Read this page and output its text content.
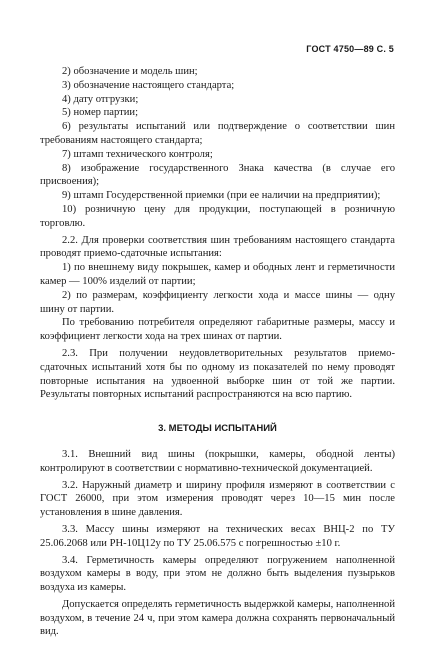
ГОСТ 4750—89 С. 5

2) обозначение и модель шин;

3) обозначение настоящего стандарта;

4) дату отгрузки;

5) номер партии;

6) результаты испытаний или подтверждение о соответствии шин требованиям настоящего стандарта;

7) штамп технического контроля;

8) изображение государственного Знака качества (в случае его присвоения);

9) штамп Госудерственной приемки (при ее наличии на предприятии);

10) розничную цену для продукции, поступающей в розничную торговлю.

2.2. Для проверки соответствия шин требованиям настоящего стандарта проводят приемо-сдаточные испытания:

1) по внешнему виду покрышек, камер и ободных лент и герметичности камер — 100% изделий от партии;

2) по размерам, коэффициенту легкости хода и массе шины — одну шину от партии.

По требованию потребителя определяют габаритные размеры, массу и коэффициент легкости хода на трех шинах от партии.

2.3. При получении неудовлетворительных результатов приемо-сдаточных испытаний хотя бы по одному из показателей по нему проводят повторные испытания на удвоенной выборке шин от той же партии. Результаты повторных испытаний распространяются на всю партию.

3. МЕТОДЫ ИСПЫТАНИЙ

3.1. Внешний вид шины (покрышки, камеры, ободной ленты) контролируют в соответствии с нормативно-технической документацией.

3.2. Наружный диаметр и ширину профиля измеряют в соответствии с ГОСТ 26000, при этом измерения проводят через 10—15 мин после установления в шине давления.

3.3. Массу шины измеряют на технических весах ВНЦ-2 по ТУ 25.06.2068 или РН-10Ц12у по ТУ 25.06.575 с погрешностью ±10 г.

3.4. Герметичность камеры определяют погружением наполненной воздухом камеры в воду, при этом не должно быть выделения пузырьков воздуха из камеры.

Допускается определять герметичность выдержкой камеры, наполненной воздухом, в течение 24 ч, при этом камера должна сохранять первоначальный вид.
